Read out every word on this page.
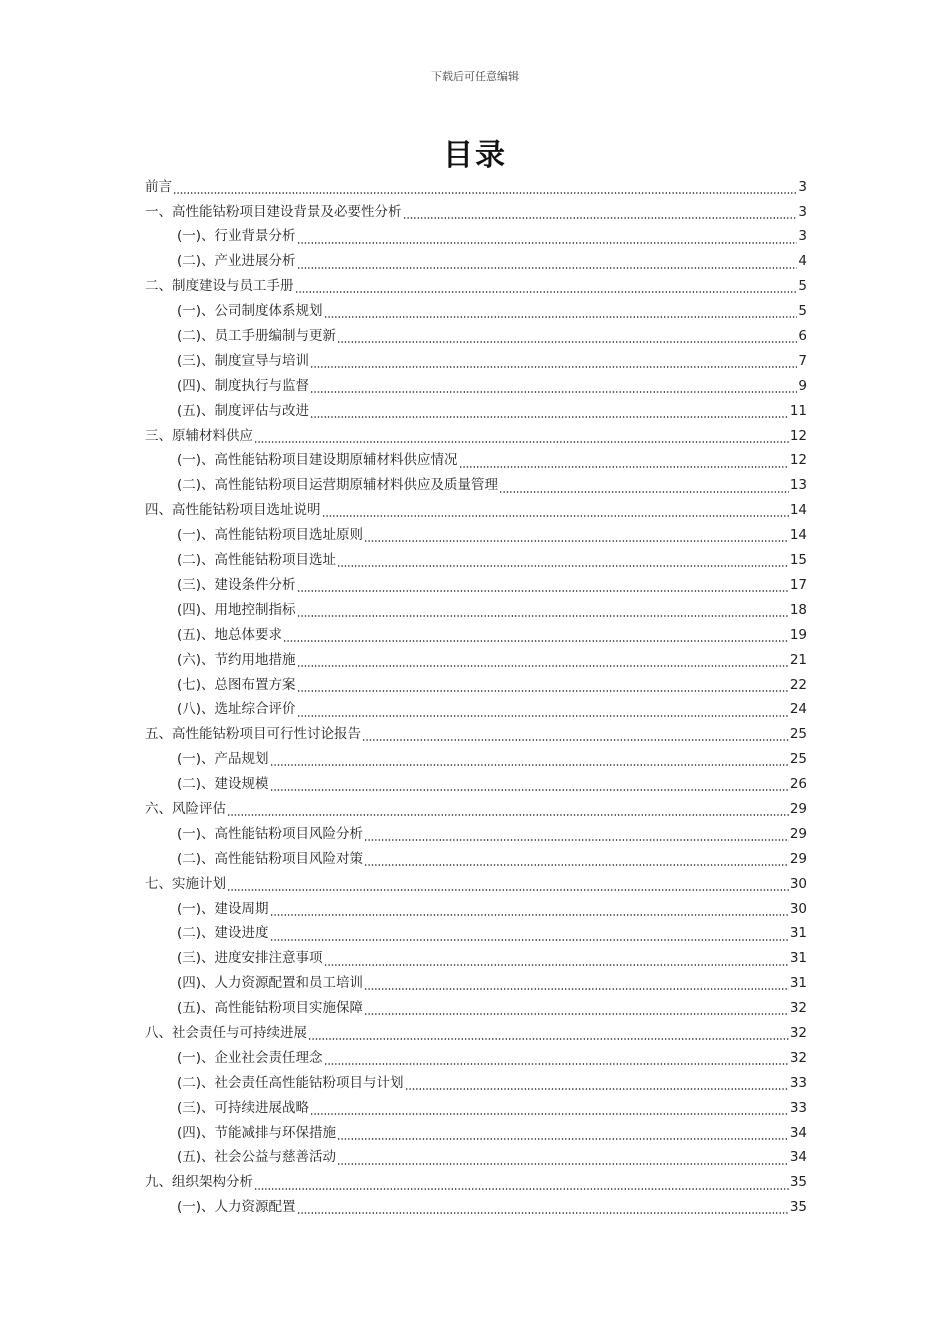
下载后可任意编辑
目录
前言	3
一、高性能钴粉项目建设背景及必要性分析	3
(一)、行业背景分析	3
(二)、产业进展分析	4
二、制度建设与员工手册	5
(一)、公司制度体系规划	5
(二)、员工手册编制与更新	6
(三)、制度宣导与培训	7
(四)、制度执行与监督	9
(五)、制度评估与改进	11
三、原辅材料供应	12
(一)、高性能钴粉项目建设期原辅材料供应情况	12
(二)、高性能钴粉项目运营期原辅材料供应及质量管理	13
四、高性能钴粉项目选址说明	14
(一)、高性能钴粉项目选址原则	14
(二)、高性能钴粉项目选址	15
(三)、建设条件分析	17
(四)、用地控制指标	18
(五)、地总体要求	19
(六)、节约用地措施	21
(七)、总图布置方案	22
(八)、选址综合评价	24
五、高性能钴粉项目可行性讨论报告	25
(一)、产品规划	25
(二)、建设规模	26
六、风险评估	29
(一)、高性能钴粉项目风险分析	29
(二)、高性能钴粉项目风险对策	29
七、实施计划	30
(一)、建设周期	30
(二)、建设进度	31
(三)、进度安排注意事项	31
(四)、人力资源配置和员工培训	31
(五)、高性能钴粉项目实施保障	32
八、社会责任与可持续进展	32
(一)、企业社会责任理念	32
(二)、社会责任高性能钴粉项目与计划	33
(三)、可持续进展战略	33
(四)、节能减排与环保措施	34
(五)、社会公益与慈善活动	34
九、组织架构分析	35
(一)、人力资源配置	35
